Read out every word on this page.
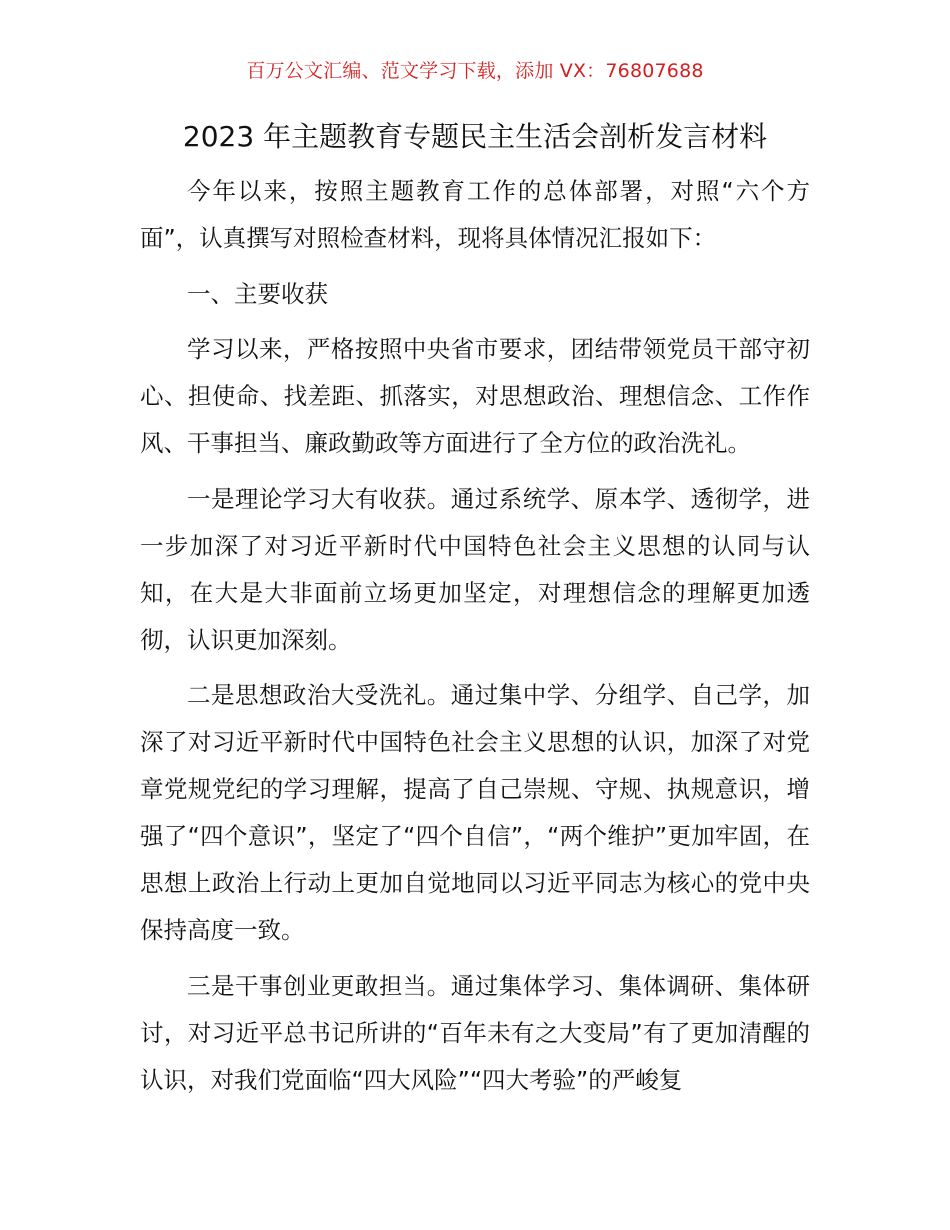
百万公文汇编、范文学习下载，添加 VX：76807688
2023 年主题教育专题民主生活会剖析发言材料

今年以来，按照主题教育工作的总体部署，对照“六个方面”，认真撰写对照检查材料，现将具体情况汇报如下：

一、主要收获

学习以来，严格按照中央省市要求，团结带领党员干部守初心、担使命、找差距、抓落实，对思想政治、理想信念、工作作风、干事担当、廉政勤政等方面进行了全方位的政治洗礼。

一是理论学习大有收获。通过系统学、原本学、透彻学，进一步加深了对习近平新时代中国特色社会主义思想的认同与认知，在大是大非面前立场更加坚定，对理想信念的理解更加透彻，认识更加深刻。

二是思想政治大受洗礼。通过集中学、分组学、自己学，加深了对习近平新时代中国特色社会主义思想的认识，加深了对党章党规党纪的学习理解，提高了自己崇规、守规、执规意识，增强了“四个意识”，坚定了“四个自信”，“两个维护”更加牢固，在思想上政治上行动上更加自觉地同以习近平同志为核心的党中央保持高度一致。

三是干事创业更敢担当。通过集体学习、集体调研、集体研讨，对习近平总书记所讲的“百年未有之大变局”有了更加清醒的认识，对我们党面临“四大风险”“四大考验”的严峻复
